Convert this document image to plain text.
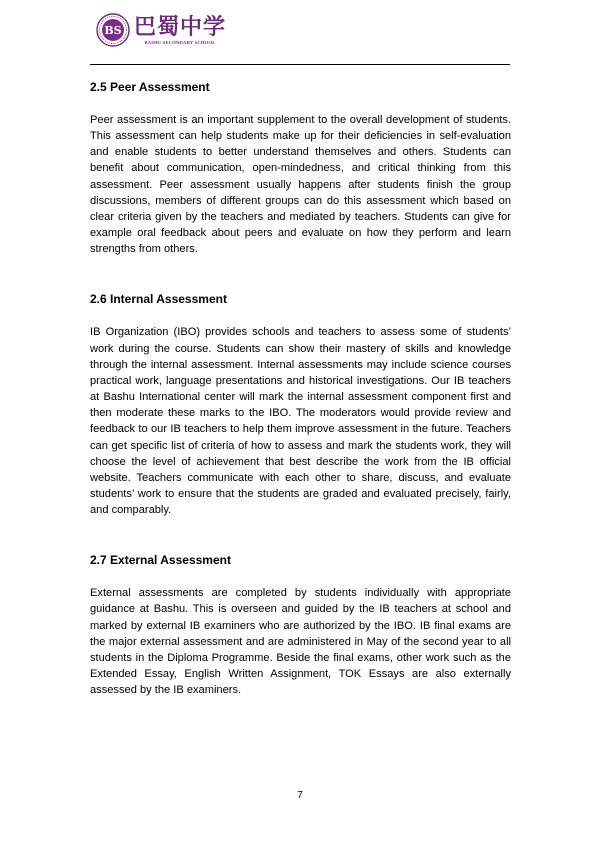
BS 巴蜀中学
BASHU SECONDARY SCHOOL
2.5 Peer Assessment

Peer assessment is an important supplement to the overall development of students. This assessment can help students make up for their deficiencies in self-evaluation and enable students to better understand themselves and others. Students can benefit about communication, open-mindedness, and critical thinking from this assessment. Peer assessment usually happens after students finish the group discussions, members of different groups can do this assessment which based on clear criteria given by the teachers and mediated by teachers. Students can give for example oral feedback about peers and evaluate on how they perform and learn strengths from others.

2.6 Internal Assessment

IB Organization (IBO) provides schools and teachers to assess some of students’ work during the course. Students can show their mastery of skills and knowledge through the internal assessment. Internal assessments may include science courses practical work, language presentations and historical investigations. Our IB teachers at Bashu International center will mark the internal assessment component first and then moderate these marks to the IBO. The moderators would provide review and feedback to our IB teachers to help them improve assessment in the future. Teachers can get specific list of criteria of how to assess and mark the students work, they will choose the level of achievement that best describe the work from the IB official website. Teachers communicate with each other to share, discuss, and evaluate students’ work to ensure that the students are graded and evaluated precisely, fairly, and comparably.

2.7 External Assessment

External assessments are completed by students individually with appropriate guidance at Bashu. This is overseen and guided by the IB teachers at school and marked by external IB examiners who are authorized by the IBO. IB final exams are the major external assessment and are administered in May of the second year to all students in the Diploma Programme. Beside the final exams, other work such as the Extended Essay, English Written Assignment, TOK Essays are also externally assessed by the IB examiners.

7
